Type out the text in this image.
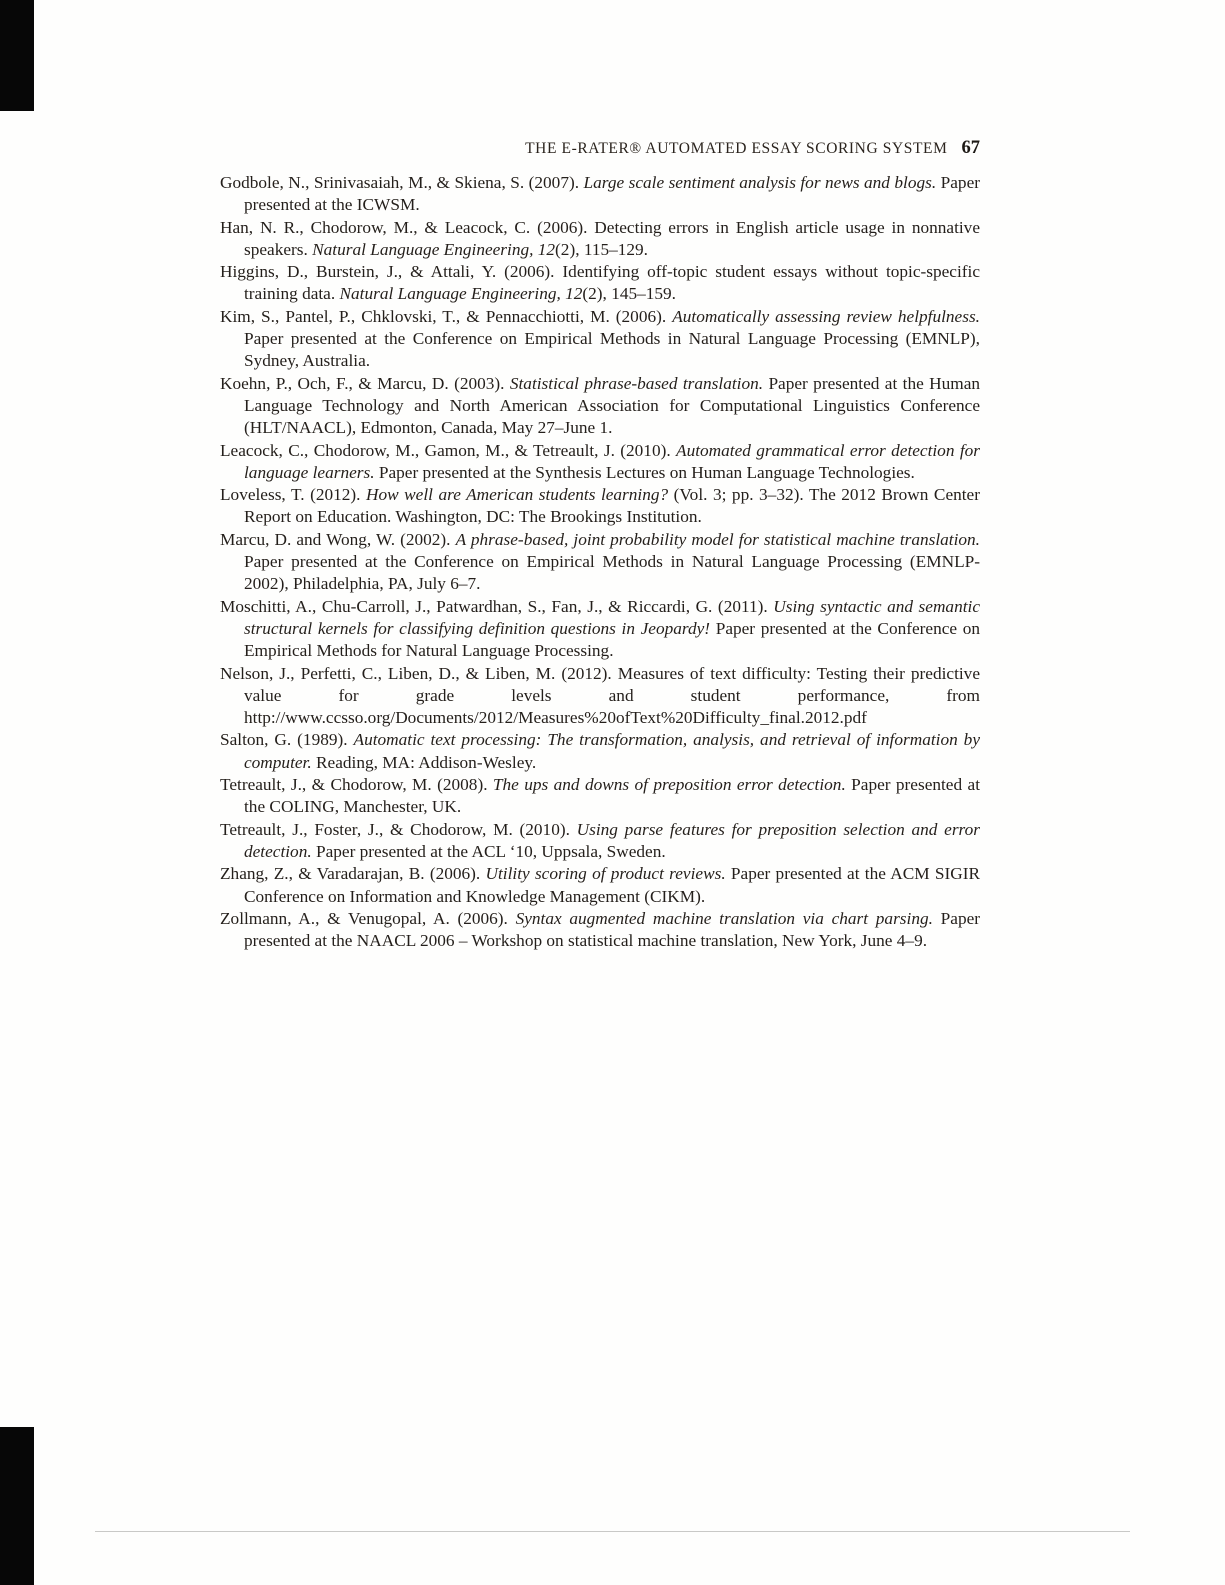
THE E-RATER® AUTOMATED ESSAY SCORING SYSTEM 67

Godbole, N., Srinivasaiah, M., & Skiena, S. (2007). Large scale sentiment analysis for news and blogs. Paper presented at the ICWSM.

Han, N. R., Chodorow, M., & Leacock, C. (2006). Detecting errors in English article usage in nonnative speakers. Natural Language Engineering, 12(2), 115–129.

Higgins, D., Burstein, J., & Attali, Y. (2006). Identifying off-topic student essays without topic-specific training data. Natural Language Engineering, 12(2), 145–159.

Kim, S., Pantel, P., Chklovski, T., & Pennacchiotti, M. (2006). Automatically assessing review helpfulness. Paper presented at the Conference on Empirical Methods in Natural Language Processing (EMNLP), Sydney, Australia.

Koehn, P., Och, F., & Marcu, D. (2003). Statistical phrase-based translation. Paper presented at the Human Language Technology and North American Association for Computational Linguistics Conference (HLT/NAACL), Edmonton, Canada, May 27–June 1.

Leacock, C., Chodorow, M., Gamon, M., & Tetreault, J. (2010). Automated grammatical error detection for language learners. Paper presented at the Synthesis Lectures on Human Language Technologies.

Loveless, T. (2012). How well are American students learning? (Vol. 3; pp. 3–32). The 2012 Brown Center Report on Education. Washington, DC: The Brookings Institution.

Marcu, D. and Wong, W. (2002). A phrase-based, joint probability model for statistical machine translation. Paper presented at the Conference on Empirical Methods in Natural Language Processing (EMNLP-2002), Philadelphia, PA, July 6–7.

Moschitti, A., Chu-Carroll, J., Patwardhan, S., Fan, J., & Riccardi, G. (2011). Using syntactic and semantic structural kernels for classifying definition questions in Jeopardy! Paper presented at the Conference on Empirical Methods for Natural Language Processing.

Nelson, J., Perfetti, C., Liben, D., & Liben, M. (2012). Measures of text difficulty: Testing their predictive value for grade levels and student performance, from http://www.ccsso.org/Documents/2012/Measures%20ofText%20Difficulty_final.2012.pdf

Salton, G. (1989). Automatic text processing: The transformation, analysis, and retrieval of information by computer. Reading, MA: Addison-Wesley.

Tetreault, J., & Chodorow, M. (2008). The ups and downs of preposition error detection. Paper presented at the COLING, Manchester, UK.

Tetreault, J., Foster, J., & Chodorow, M. (2010). Using parse features for preposition selection and error detection. Paper presented at the ACL ‘10, Uppsala, Sweden.

Zhang, Z., & Varadarajan, B. (2006). Utility scoring of product reviews. Paper presented at the ACM SIGIR Conference on Information and Knowledge Management (CIKM).

Zollmann, A., & Venugopal, A. (2006). Syntax augmented machine translation via chart parsing. Paper presented at the NAACL 2006 – Workshop on statistical machine translation, New York, June 4–9.
